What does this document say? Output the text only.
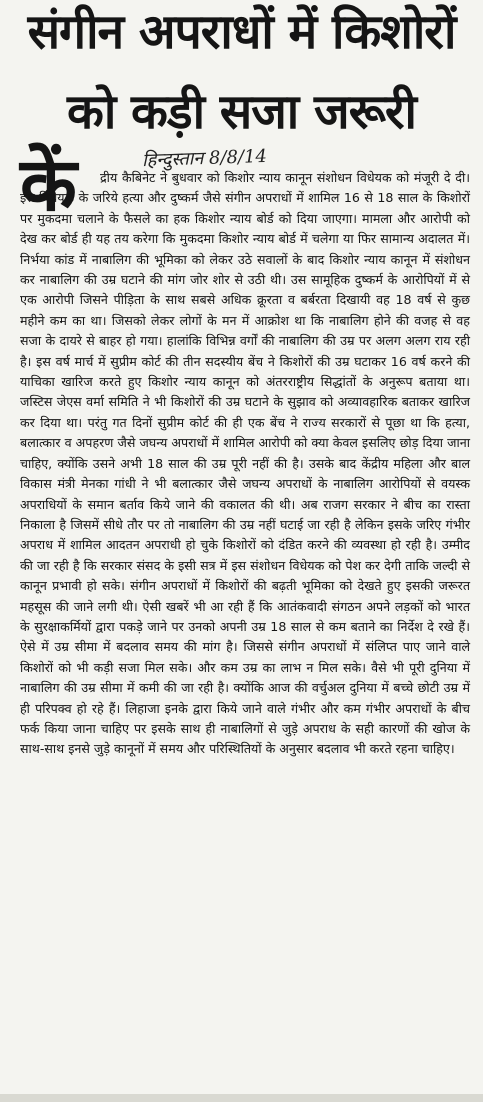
संगीन अपराधों में किशोरों
को कड़ी सजा जरूरी
हिन्दुस्तान 8/8/14
कें	द्रीय कैबिनेट ने बुधवार को किशोर न्याय कानून संशोधन विधेयक को मंजूरी दे दी। इस विधेयक के जरिये हत्या और दुष्कर्म जैसे संगीन अपराधों में शामिल 16 से 18 साल के किशोरों पर मुकदमा चलाने के फैसले का हक किशोर न्याय बोर्ड को दिया जाएगा। मामला और आरोपी को देख कर बोर्ड ही यह तय करेगा कि मुकदमा किशोर न्याय बोर्ड में चलेगा या फिर सामान्य अदालत में। निर्भया कांड में नाबालिग की भूमिका को लेकर उठे सवालों के बाद किशोर न्याय कानून में संशोधन कर नाबालिग की उम्र घटाने की मांग जोर शोर से उठी थी। उस सामूहिक दुष्कर्म के आरोपियों में से एक आरोपी जिसने पीड़िता के साथ सबसे अधिक क्रूरता व बर्बरता दिखायी वह 18 वर्ष से कुछ महीने कम का था। जिसको लेकर लोगों के मन में आक्रोश था कि नाबालिग होने की वजह से वह सजा के दायरे से बाहर हो गया। हालांकि विभिन्न वर्गों की नाबालिग की उम्र पर अलग अलग राय रही है। इस वर्ष मार्च में सुप्रीम कोर्ट की तीन सदस्यीय बेंच ने किशोरों की उम्र घटाकर 16 वर्ष करने की याचिका खारिज करते हुए किशोर न्याय कानून को अंतरराष्ट्रीय सिद्धांतों के अनुरूप बताया था। जस्टिस जेएस वर्मा समिति ने भी किशोरों की उम्र घटाने के सुझाव को अव्यावहारिक बताकर खारिज कर दिया था। परंतु गत दिनों सुप्रीम कोर्ट की ही एक बेंच ने राज्य सरकारों से पूछा था कि हत्या, बलात्कार व अपहरण जैसे जघन्य अपराधों में शामिल आरोपी को क्या केवल इसलिए छोड़ दिया जाना चाहिए, क्योंकि उसने अभी 18 साल की उम्र पूरी नहीं की है। उसके बाद केंद्रीय महिला और बाल विकास मंत्री मेनका गांधी ने भी बलात्कार जैसे जघन्य अपराधों के नाबालिग आरोपियों से वयस्क अपराधियों के समान बर्ताव किये जाने की वकालत की थी। अब राजग सरकार ने बीच का रास्ता निकाला है जिसमें सीधे तौर पर तो नाबालिग की उम्र नहीं घटाई जा रही है लेकिन इसके जरिए गंभीर अपराध में शामिल आदतन अपराधी हो चुके किशोरों को दंडित करने की व्यवस्था हो रही है। उम्मीद की जा रही है कि सरकार संसद के इसी सत्र में इस संशोधन विधेयक को पेश कर देगी ताकि जल्दी से कानून प्रभावी हो सके। संगीन अपराधों में किशोरों की बढ़ती भूमिका को देखते हुए इसकी जरूरत महसूस की जाने लगी थी। ऐसी खबरें भी आ रही हैं कि आतंकवादी संगठन अपने लड़कों को भारत के सुरक्षाकर्मियों द्वारा पकड़े जाने पर उनको अपनी उम्र 18 साल से कम बताने का निर्देश दे रखे हैं। ऐसे में उम्र सीमा में बदलाव समय की मांग है। जिससे संगीन अपराधों में संलिप्त पाए जाने वाले किशोरों को भी कड़ी सजा मिल सके। और कम उम्र का लाभ न मिल सके। वैसे भी पूरी दुनिया में नाबालिग की उम्र सीमा में कमी की जा रही है। क्योंकि आज की वर्चुअल दुनिया में बच्चे छोटी उम्र में ही परिपक्व हो रहे हैं। लिहाजा इनके द्वारा किये जाने वाले गंभीर और कम गंभीर अपराधों के बीच फर्क किया जाना चाहिए पर इसके साथ ही नाबालिगों से जुड़े अपराध के सही कारणों की खोज के साथ-साथ इनसे जुड़े कानूनों में समय और परिस्थितियों के अनुसार बदलाव भी करते रहना चाहिए।
